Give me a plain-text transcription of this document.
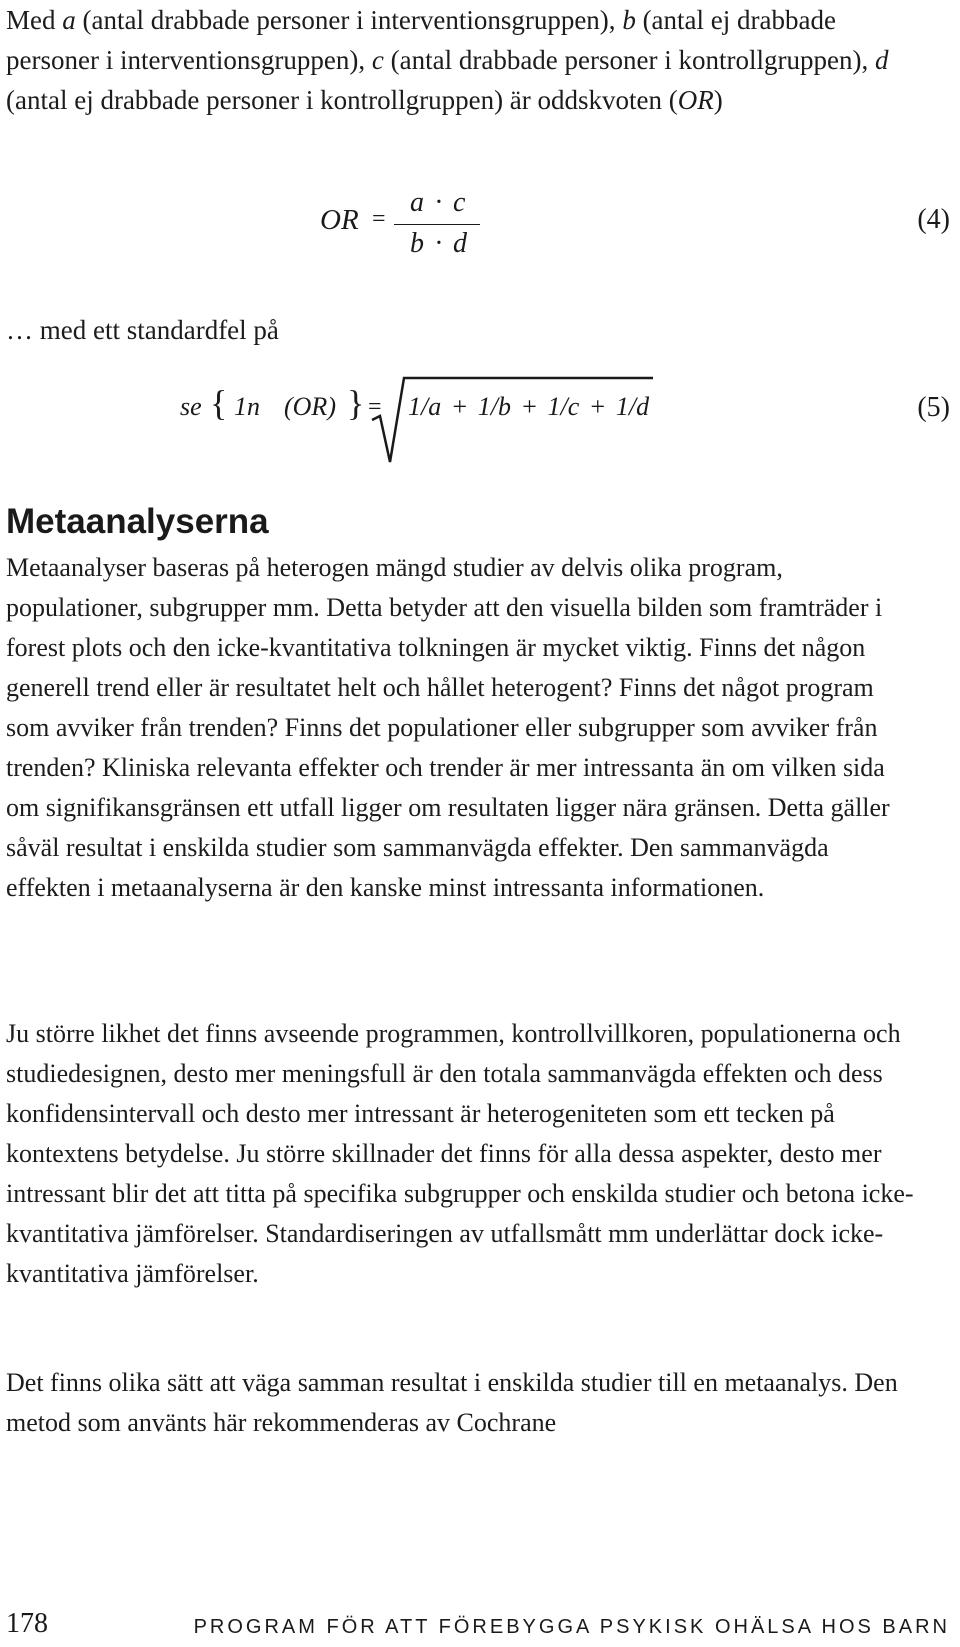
Med a (antal drabbade personer i interventionsgruppen), b (antal ej drabbade personer i interventionsgruppen), c (antal drabbade personer i kontrollgruppen), d (antal ej drabbade personer i kontrollgruppen) är oddskvoten (OR)

OR =
a · c
b · d
(4)

… med ett standardfel på

se { 1n (OR) } = 1/a + 1/b + 1/c + 1/d	(5)
Metaanalyserna

Metaanalyser baseras på heterogen mängd studier av delvis olika program, populationer, subgrupper mm. Detta betyder att den visuella bilden som framträder i forest plots och den icke-kvantitativa tolkningen är mycket viktig. Finns det någon generell trend eller är resultatet helt och hållet heterogent? Finns det något program som avviker från trenden? Finns det populationer eller subgrupper som avviker från trenden? Kliniska relevanta effekter och trender är mer intressanta än om vilken sida om signifikansgränsen ett utfall ligger om resultaten ligger nära gränsen. Detta gäller såväl resultat i enskilda studier som sammanvägda effekter. Den sammanvägda effekten i metaanalyserna är den kanske minst intressanta informationen.

Ju större likhet det finns avseende programmen, kontrollvillkoren, populationerna och studiedesignen, desto mer meningsfull är den totala sammanvägda effekten och dess konfidensintervall och desto mer intressant är heterogeniteten som ett tecken på kontextens betydelse. Ju större skillnader det finns för alla dessa aspekter, desto mer intressant blir det att titta på specifika subgrupper och enskilda studier och betona icke-kvantitativa jämförelser. Standardiseringen av utfallsmått mm underlättar dock icke-kvantitativa jämförelser.

Det finns olika sätt att väga samman resultat i enskilda studier till en metaanalys. Den metod som använts här rekommenderas av Cochrane

178	PROGRAM FÖR ATT FÖREBYGGA PSYKISK OHÄLSA HOS BARN
